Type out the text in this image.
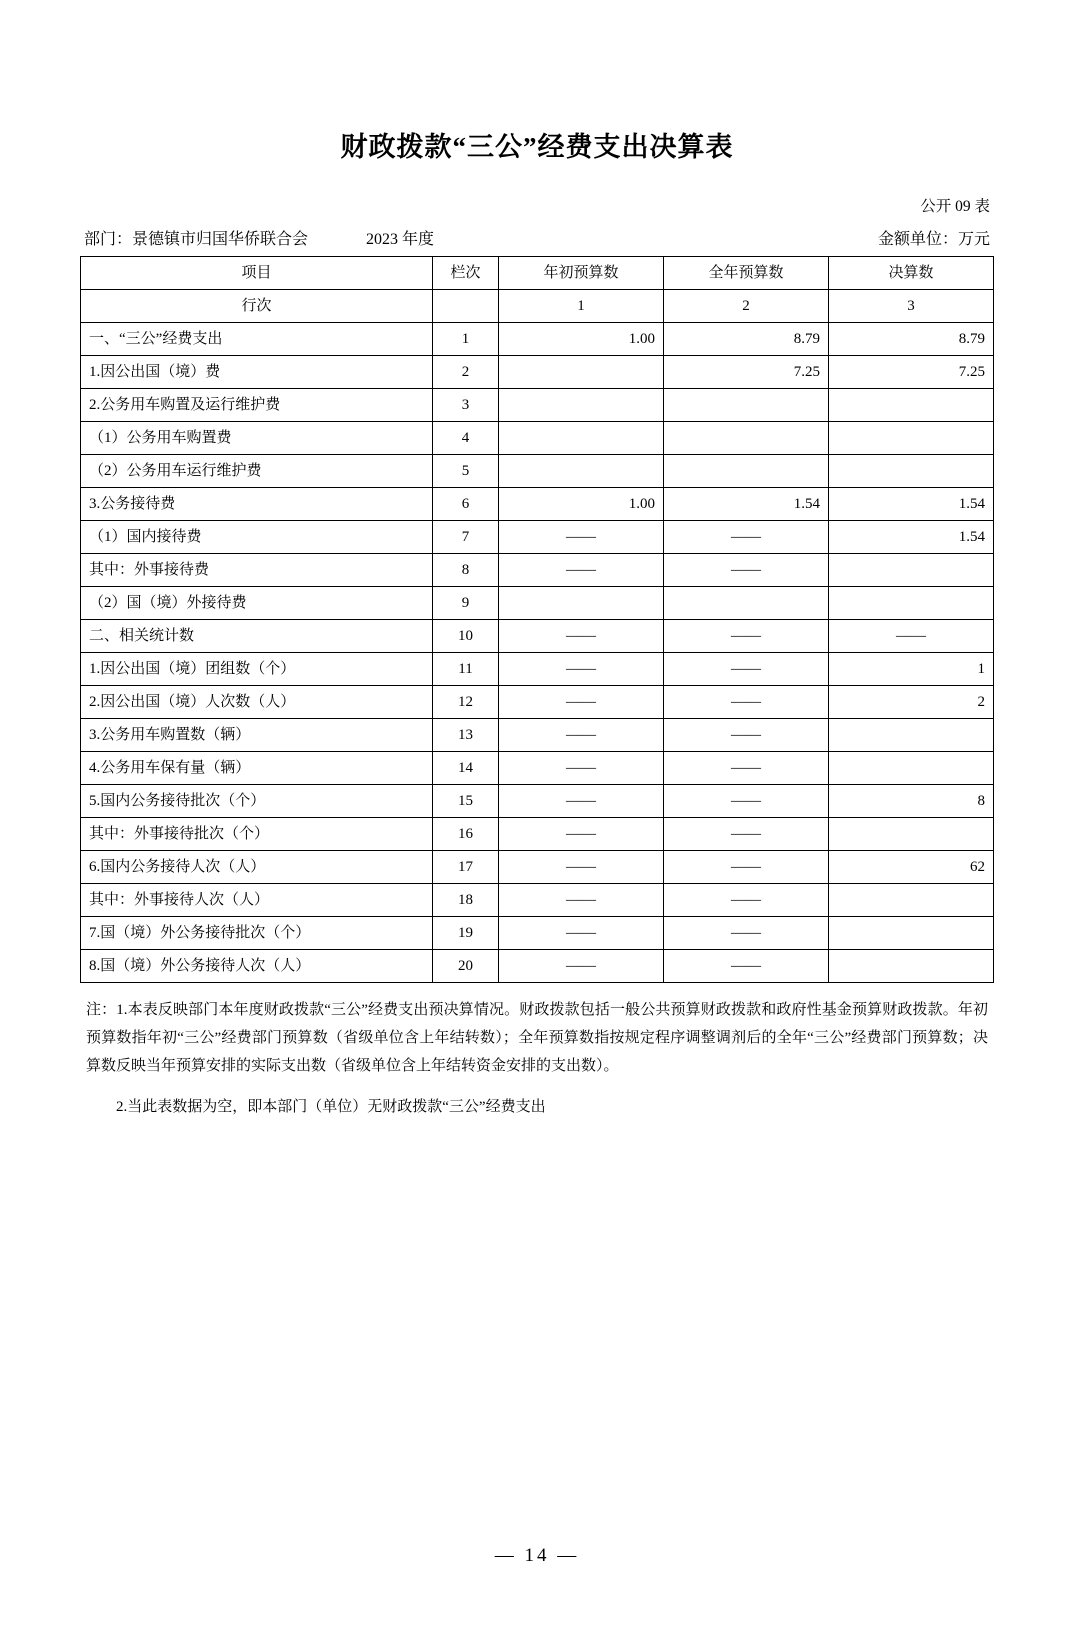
财政拨款“三公”经费支出决算表
公开 09 表
部门：景德镇市归国华侨联合会	2023 年度	金额单位：万元
项目	栏次	年初预算数	全年预算数	决算数
行次		1	2	3
一、“三公”经费支出	1	1.00	8.79	8.79
1.因公出国（境）费	2		7.25	7.25
2.公务用车购置及运行维护费	3			
（1）公务用车购置费	4			
（2）公务用车运行维护费	5			
3.公务接待费	6	1.00	1.54	1.54
（1）国内接待费	7	——	——	1.54
其中：外事接待费	8	——	——	
（2）国（境）外接待费	9			
二、相关统计数	10	——	——	——
1.因公出国（境）团组数（个）	11	——	——	1
2.因公出国（境）人次数（人）	12	——	——	2
3.公务用车购置数（辆）	13	——	——	
4.公务用车保有量（辆）	14	——	——	
5.国内公务接待批次（个）	15	——	——	8
其中：外事接待批次（个）	16	——	——	
6.国内公务接待人次（人）	17	——	——	62
其中：外事接待人次（人）	18	——	——	
7.国（境）外公务接待批次（个）	19	——	——	
8.国（境）外公务接待人次（人）	20	——	——	

注：1.本表反映部门本年度财政拨款“三公”经费支出预决算情况。财政拨款包括一般公共预算财政拨款和政府性基金预算财政拨款。年初预算数指年初“三公”经费部门预算数（省级单位含上年结转数）；全年预算数指按规定程序调整调剂后的全年“三公”经费部门预算数；决算数反映当年预算安排的实际支出数（省级单位含上年结转资金安排的支出数）。

2.当此表数据为空，即本部门（单位）无财政拨款“三公”经费支出

— 14 —
